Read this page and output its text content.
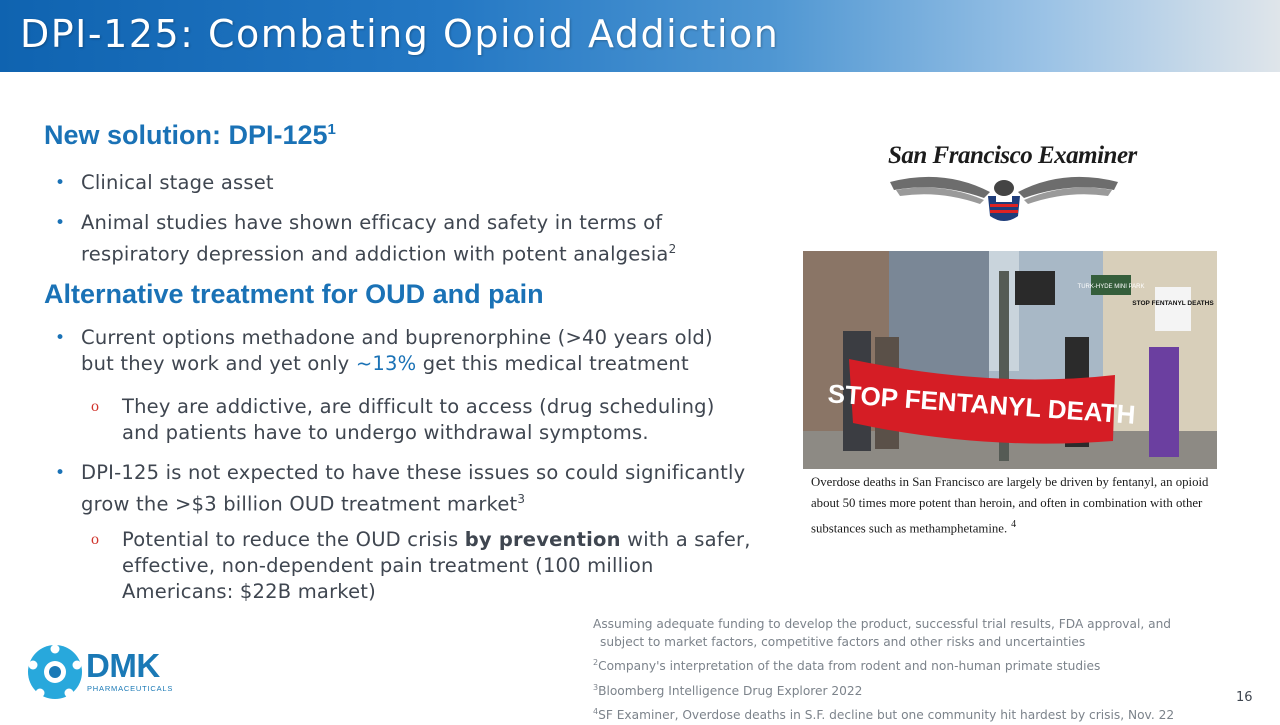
DPI-125: Combating Opioid Addiction
New solution: DPI-$125^1$
• Clinical stage asset
• Animal studies have shown efficacy and safety in terms of respiratory depression and addiction with potent analgesia$^2$
Alternative treatment for OUD and pain
• Current options methadone and buprenorphine (>40 years old) but they work and yet only ~13% get this medical treatment
o They are addictive, are difficult to access (drug scheduling) and patients have to undergo withdrawal symptoms.
• DPI-125 is not expected to have these issues so could significantly grow the >$3 billion OUD treatment market$^3$
o Potential to reduce the OUD crisis by prevention with a safer, effective, non-dependent pain treatment (100 million Americans: $22B market)
San Francisco Examiner
TURK-HYDE MINI PARK
STOP FENTANYL DEATH
STOP FENTANYL DEATHS
Overdose deaths in San Francisco are largely be driven by fentanyl, an opioid about 50 times more potent than heroin, and often in combination with other substances such as methamphetamine. $^4$
Assuming adequate funding to develop the product, successful trial results, FDA approval, and
subject to market factors, competitive factors and other risks and uncertainties
$^2$Company's interpretation of the data from rodent and non-human primate studies
$^3$Bloomberg Intelligence Drug Explorer 2022
$^4$SF Examiner, Overdose deaths in S.F. decline but one community hit hardest by crisis, Nov. 22
DMK
PHARMACEUTICALS
16
